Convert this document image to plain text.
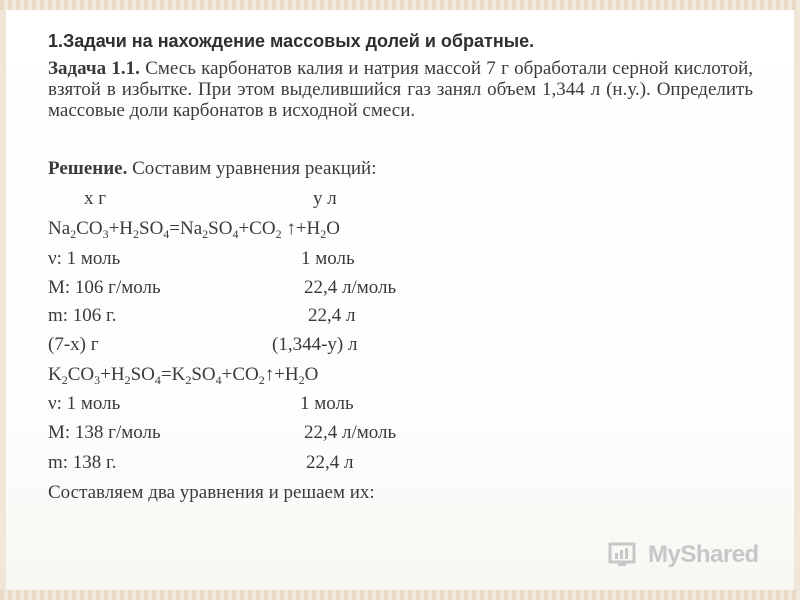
1.Задачи на нахождение массовых долей и обратные.
Задача 1.1. Смесь карбонатов калия и натрия массой 7 г обработали серной кислотой, взятой в избытке. При этом выделившийся газ занял объем 1,344 л (н.у.). Определить массовые доли карбонатов в исходной смеси.
Решение. Составим уравнения реакций:
x г	у л
$Na_2CO_3+H_2SO_4=Na_2SO_4+CO_2$ $↑+H_2O$
ν: 1 моль	1 моль
М: 106 г/моль	22,4 л/моль
m: 106 г.	22,4 л
(7-x) г	(1,344-у) л
$K_2CO_3+H_2SO_4=K_2SO_4+CO_2↑+H_2O$
ν: 1 моль	1 моль
М: 138 г/моль	22,4 л/моль
m: 138 г.	22,4 л
Составляем два уравнения и решаем их:
MyShared
